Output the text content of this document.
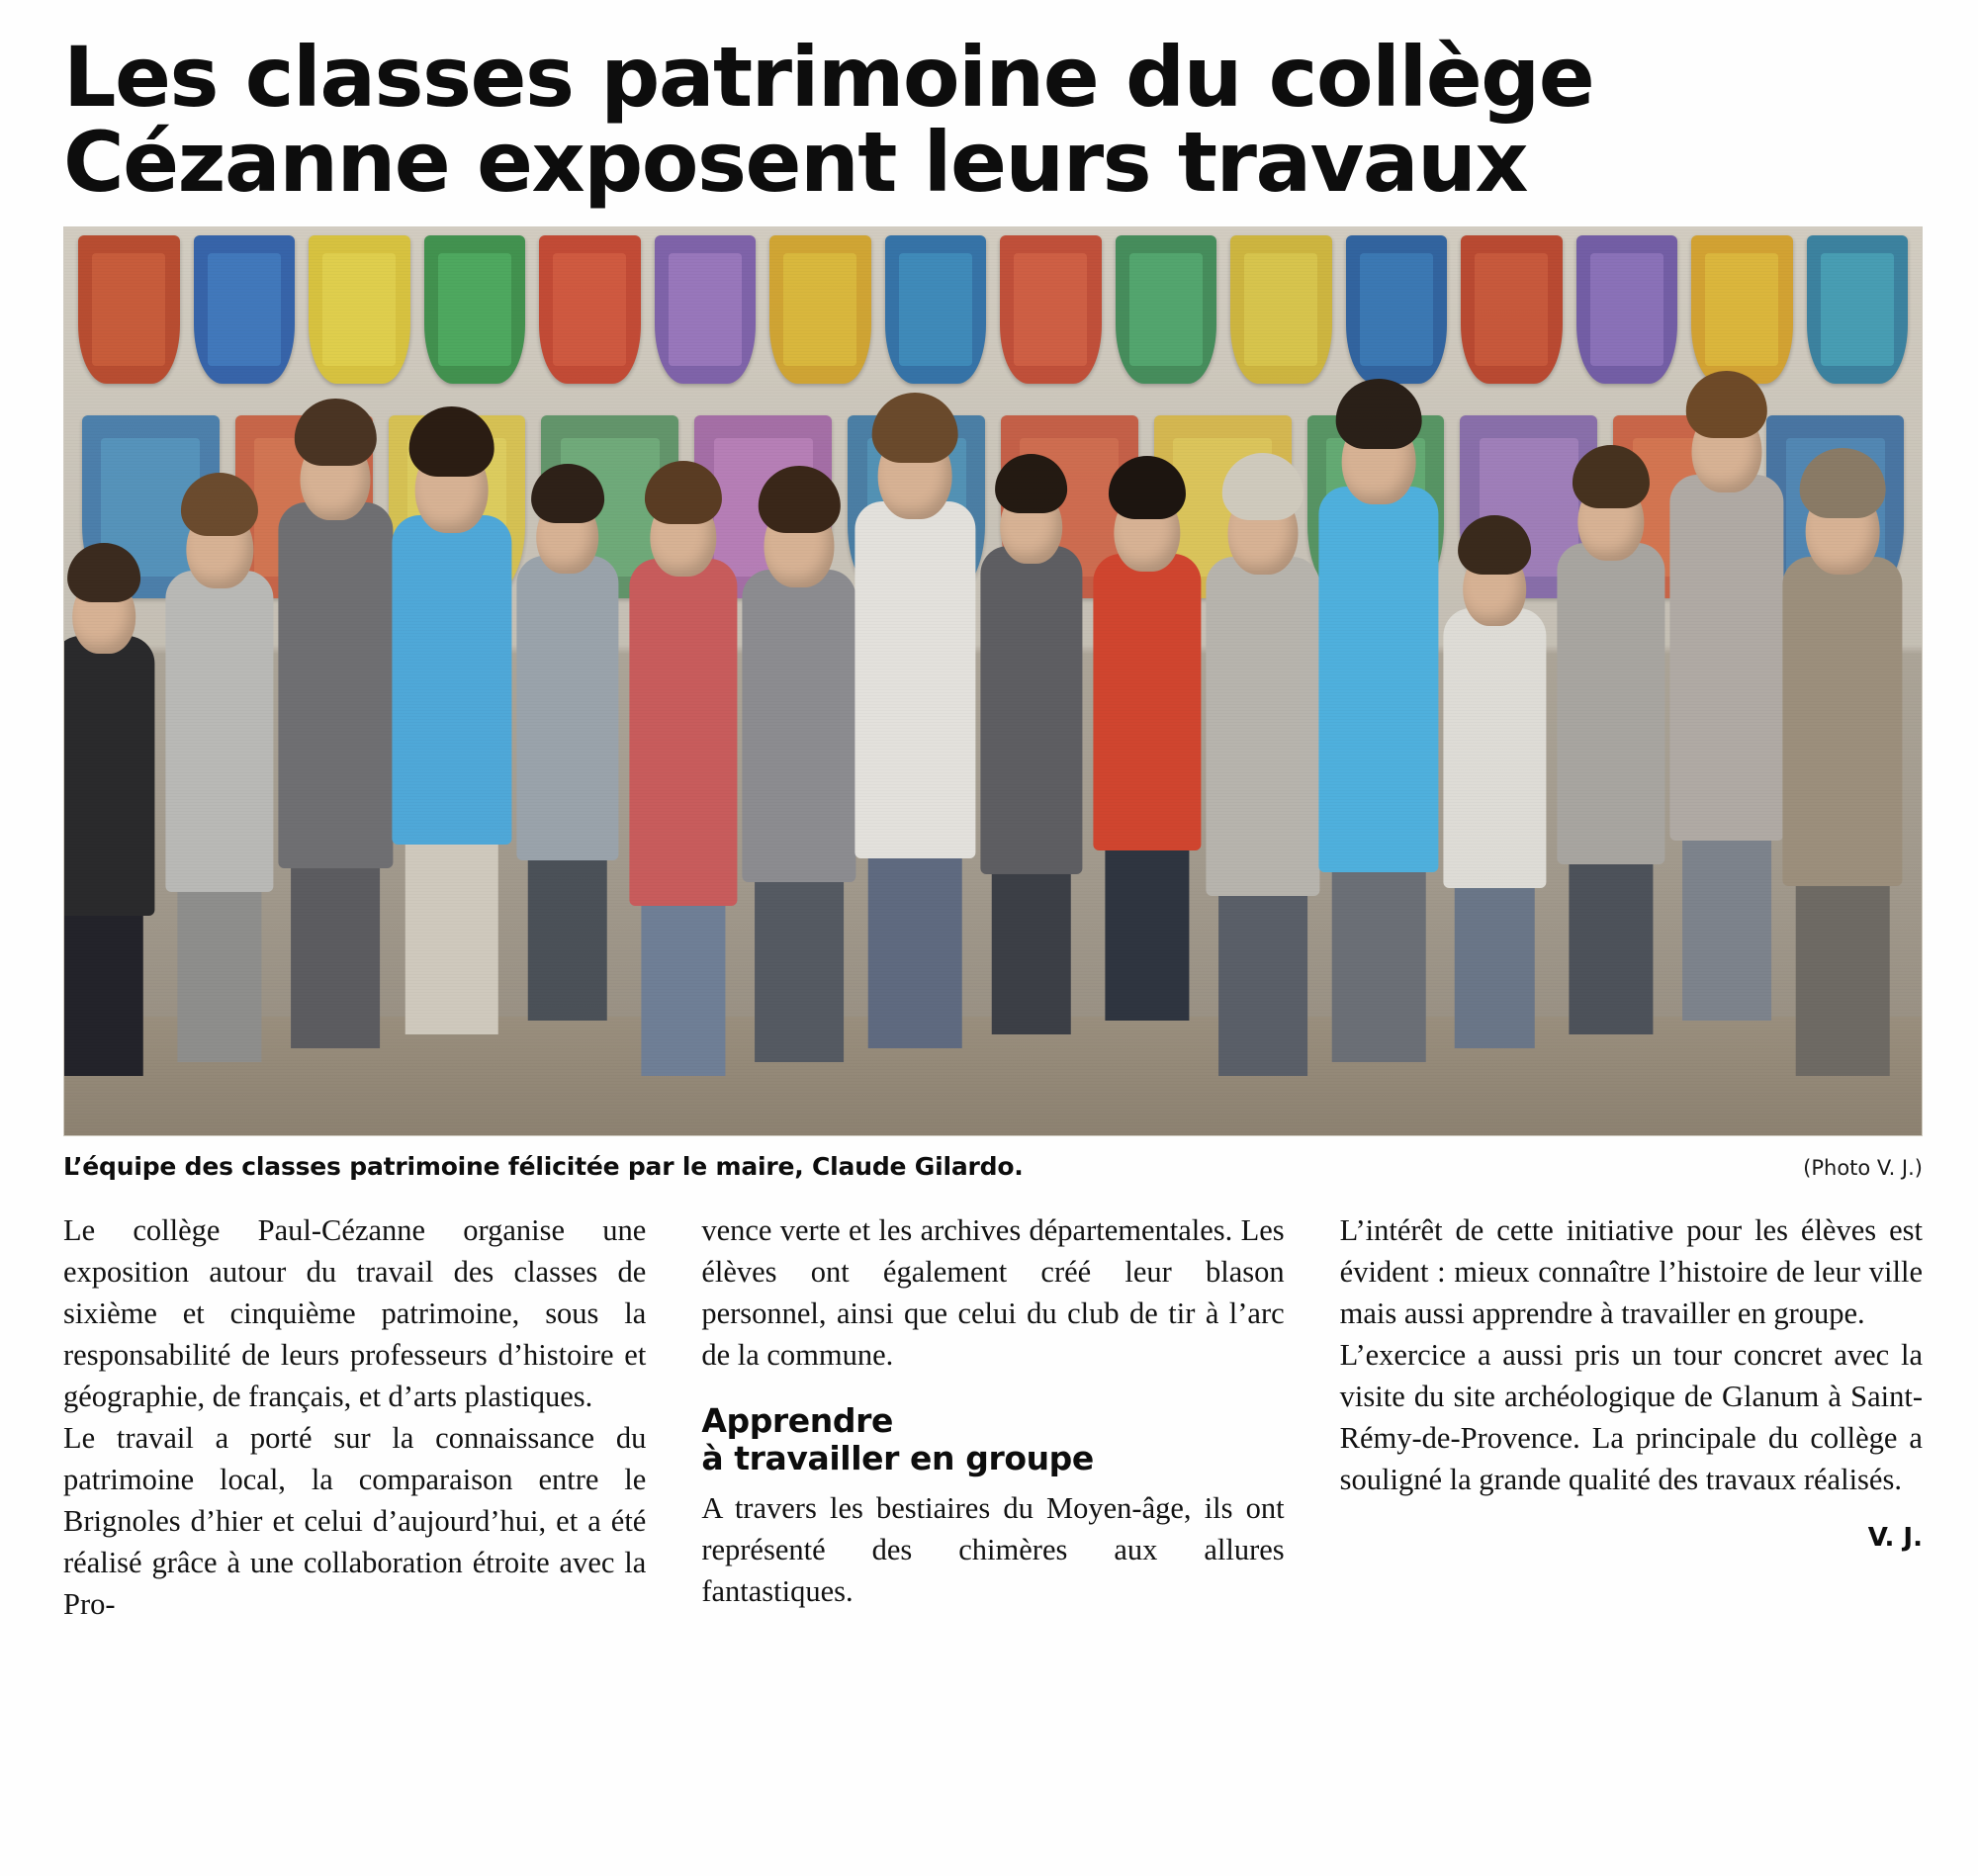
Les classes patrimoine du collège
Cézanne exposent leurs travaux
L’équipe des classes patrimoine félicitée par le maire, Claude Gilardo.	(Photo V. J.)

Le collège Paul-Cézanne organise une exposition autour du travail des classes de sixième et cinquième patrimoine, sous la responsabilité de leurs professeurs d’histoire et géographie, de français, et d’arts plastiques.

Le travail a porté sur la connaissance du patrimoine local, la comparaison entre le Brignoles d’hier et celui d’aujourd’hui, et a été réalisé grâce à une collaboration étroite avec la Pro-

vence verte et les archives départementales. Les élèves ont également créé leur blason personnel, ainsi que celui du club de tir à l’arc de la commune.

Apprendre
à travailler en groupe

A travers les bestiaires du Moyen-âge, ils ont représenté des chimères aux allures fantastiques.

L’intérêt de cette initiative pour les élèves est évident : mieux connaître l’histoire de leur ville mais aussi apprendre à travailler en groupe.

L’exercice a aussi pris un tour concret avec la visite du site archéologique de Glanum à Saint-Rémy-de-Provence. La principale du collège a souligné la grande qualité des travaux réalisés.

V. J.
